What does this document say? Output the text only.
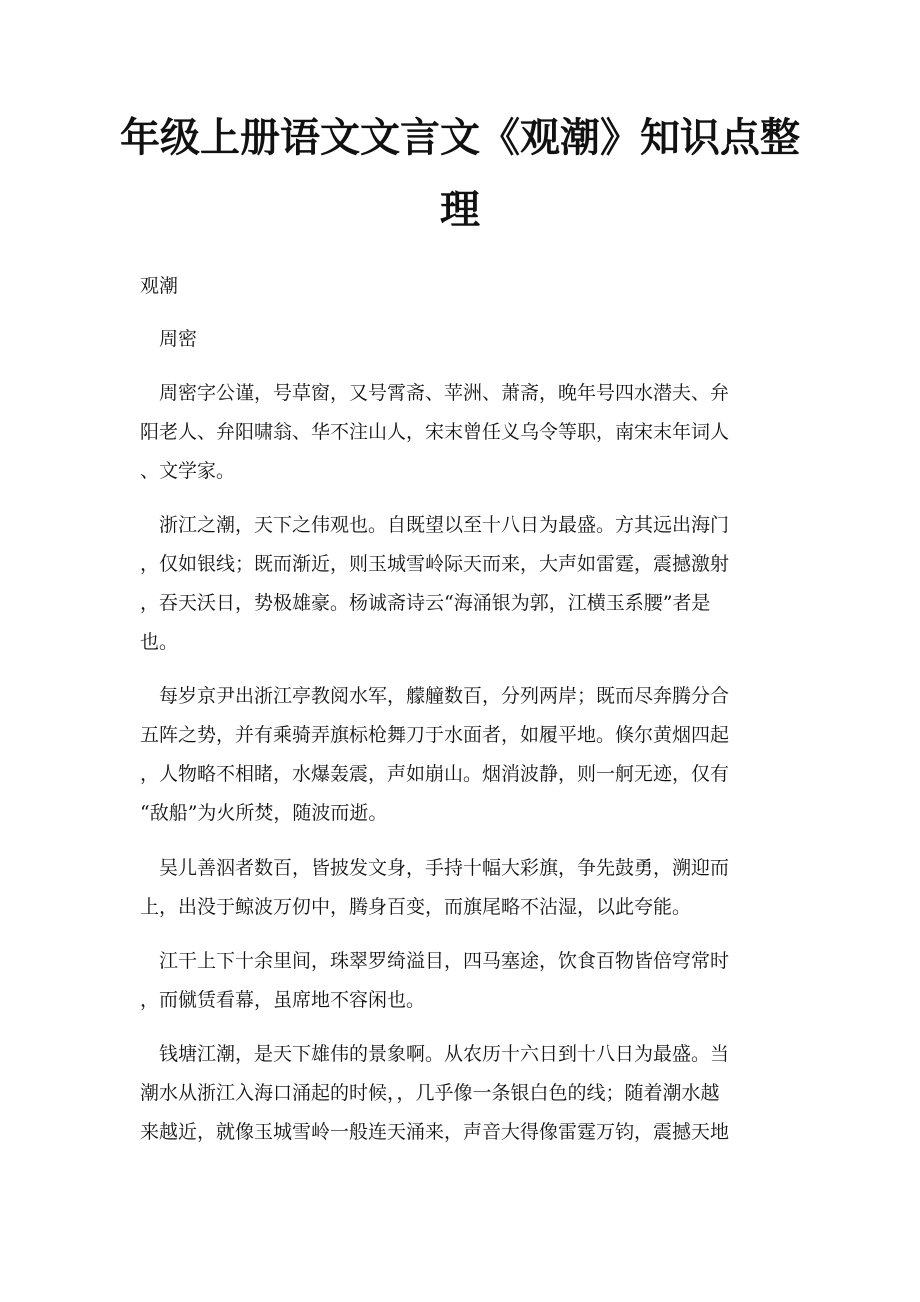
年级上册语文文言文《观潮》知识点整
理
观潮
周密
周密字公谨，号草窗，又号霄斋、苹洲、萧斋，晚年号四水潜夫、弁
阳老人、弁阳啸翁、华不注山人，宋末曾任义乌令等职，南宋末年词人
、文学家。
浙江之潮，天下之伟观也。自既望以至十八日为最盛。方其远出海门
，仅如银线；既而渐近，则玉城雪岭际天而来，大声如雷霆，震撼激射
，吞天沃日，势极雄豪。杨诚斋诗云“海涌银为郭，江横玉系腰”者是
也。
每岁京尹出浙江亭教阅水军，艨艟数百，分列两岸；既而尽奔腾分合
五阵之势，并有乘骑弄旗标枪舞刀于水面者，如履平地。倏尔黄烟四起
，人物略不相睹，水爆轰震，声如崩山。烟消波静，则一舸无迹，仅有
“敌船”为火所焚，随波而逝。
吴儿善泅者数百，皆披发文身，手持十幅大彩旗，争先鼓勇，溯迎而
上，出没于鲸波万仞中，腾身百变，而旗尾略不沾湿，以此夸能。
江干上下十余里间，珠翠罗绮溢目，四马塞途，饮食百物皆倍穹常时
，而僦赁看幕，虽席地不容闲也。
钱塘江潮，是天下雄伟的景象啊。从农历十六日到十八日为最盛。当
潮水从浙江入海口涌起的时候，，几乎像一条银白色的线；随着潮水越
来越近，就像玉城雪岭一般连天涌来，声音大得像雷霆万钧，震撼天地
